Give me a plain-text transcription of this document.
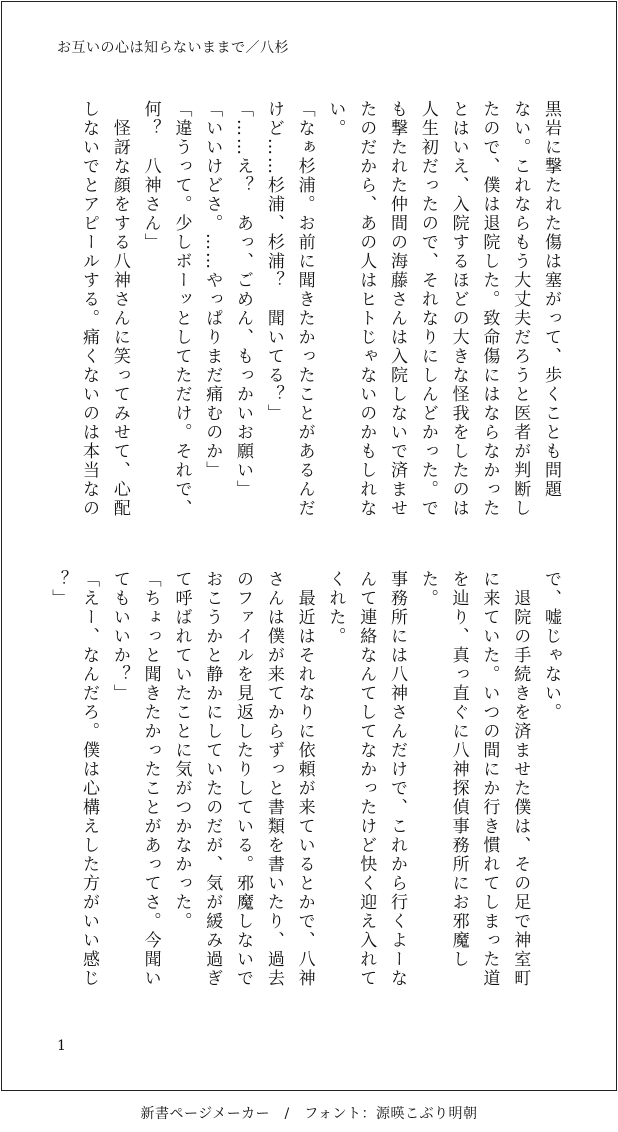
お互いの心は知らないままで／八杉
黒岩に撃たれた傷は塞がって、歩くことも問題
ない。これならもう大丈夫だろうと医者が判断し
たので、僕は退院した。致命傷にはならなかった
とはいえ、入院するほどの大きな怪我をしたのは
人生初だったので、それなりにしんどかった。で
も撃たれた仲間の海藤さんは入院しないで済ませ
たのだから、あの人はヒトじゃないのかもしれな
い。
「なぁ杉浦。お前に聞きたかったことがあるんだ
けど……杉浦、杉浦？　聞いてる？」
「……え？　あっ、ごめん、もっかいお願い」
「いいけどさ。……やっぱりまだ痛むのか」
「違うって。少しボーッとしてただけ。それで、
何？　八神さん」
　怪訝な顔をする八神さんに笑ってみせて、心配
しないでとアピールする。痛くないのは本当なの
で、嘘じゃない。
　退院の手続きを済ませた僕は、その足で神室町
に来ていた。いつの間にか行き慣れてしまった道
を辿り、真っ直ぐに八神探偵事務所にお邪魔した。
事務所には八神さんだけで、これから行くよーな
んて連絡なんてしてなかったけど快く迎え入れて
くれた。
　最近はそれなりに依頼が来ているとかで、八神
さんは僕が来てからずっと書類を書いたり、過去
のファイルを見返したりしている。邪魔しないで
おこうかと静かにしていたのだが、気が緩み過ぎ
て呼ばれていたことに気がつかなかった。
「ちょっと聞きたかったことがあってさ。今聞い
てもいいか？」
「えー、なんだろ。僕は心構えした方がいい感じ
？」
1
新書ページメーカー　/　フォント：源暎こぶり明朝
